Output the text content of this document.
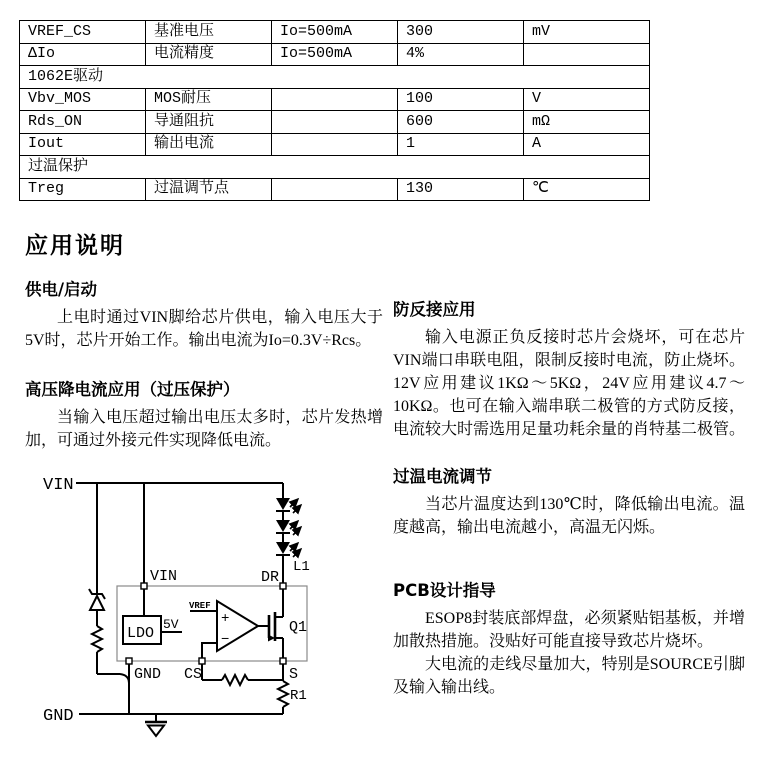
VREF_CS	基准电压	Io=500mA	300	mV
ΔIo	电流精度	Io=500mA	4%	
1062E驱动				
Vbv_MOS	MOS耐压		100	V
Rds_ON	导通阻抗		600	mΩ
Iout	输出电流		1	A
过温保护				
Treg	过温调节点		130	℃
应用说明
供电/启动

上电时通过VIN脚给芯片供电，输入电压大于5V时，芯片开始工作。输出电流为Io=0.3V÷Rcs。

高压降电流应用（过压保护）

当输入电压超过输出电压太多时，芯片发热增加，可通过外接元件实现降低电流。

VIN
GND
L1
VIN	DR
GND CS	S
LDO
5V
VREF
+
−
Q1
R1
防反接应用

输入电源正负反接时芯片会烧坏，可在芯片VIN端口串联电阻，限制反接时电流，防止烧坏。12V应用建议1KΩ～5KΩ，24V应用建议4.7～10KΩ。也可在输入端串联二极管的方式防反接，电流较大时需选用足量功耗余量的肖特基二极管。

过温电流调节

当芯片温度达到130℃时，降低输出电流。温度越高，输出电流越小，高温无闪烁。

PCB设计指导

ESOP8封装底部焊盘，必须紧贴铝基板，并增加散热措施。没贴好可能直接导致芯片烧坏。

大电流的走线尽量加大，特别是SOURCE引脚及输入输出线。
